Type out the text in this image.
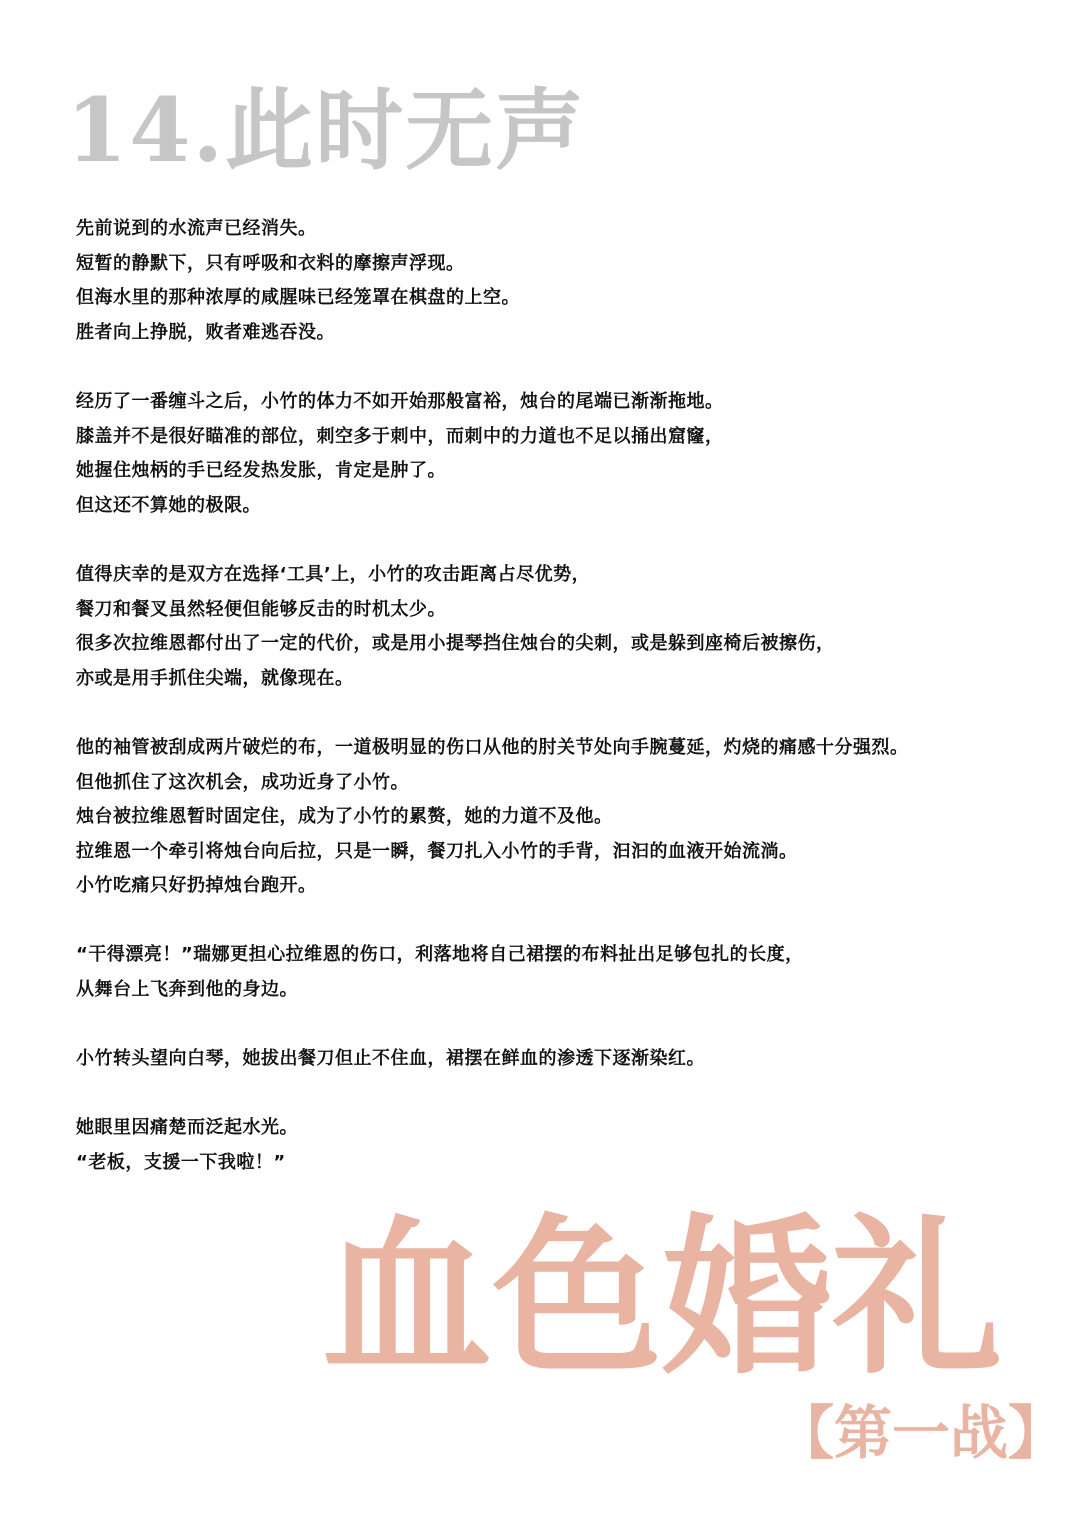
14.此时无声
先前说到的水流声已经消失。
短暂的静默下，只有呼吸和衣料的摩擦声浮现。
但海水里的那种浓厚的咸腥味已经笼罩在棋盘的上空。
胜者向上挣脱，败者难逃吞没。
经历了一番缠斗之后，小竹的体力不如开始那般富裕，烛台的尾端已渐渐拖地。
膝盖并不是很好瞄准的部位，刺空多于刺中，而刺中的力道也不足以捅出窟窿，
她握住烛柄的手已经发热发胀，肯定是肿了。
但这还不算她的极限。
值得庆幸的是双方在选择‘工具’上，小竹的攻击距离占尽优势，
餐刀和餐叉虽然轻便但能够反击的时机太少。
很多次拉维恩都付出了一定的代价，或是用小提琴挡住烛台的尖刺，或是躲到座椅后被擦伤，
亦或是用手抓住尖端，就像现在。
他的袖管被刮成两片破烂的布，一道极明显的伤口从他的肘关节处向手腕蔓延，灼烧的痛感十分强烈。
但他抓住了这次机会，成功近身了小竹。
烛台被拉维恩暂时固定住，成为了小竹的累赘，她的力道不及他。
拉维恩一个牵引将烛台向后拉，只是一瞬，餐刀扎入小竹的手背，汩汩的血液开始流淌。
小竹吃痛只好扔掉烛台跑开。
“干得漂亮！”瑞娜更担心拉维恩的伤口，利落地将自己裙摆的布料扯出足够包扎的长度，
从舞台上飞奔到他的身边。
小竹转头望向白琴，她拔出餐刀但止不住血，裙摆在鲜血的渗透下逐渐染红。
她眼里因痛楚而泛起水光。
“老板，支援一下我啦！”
血色婚礼
【第一战】
